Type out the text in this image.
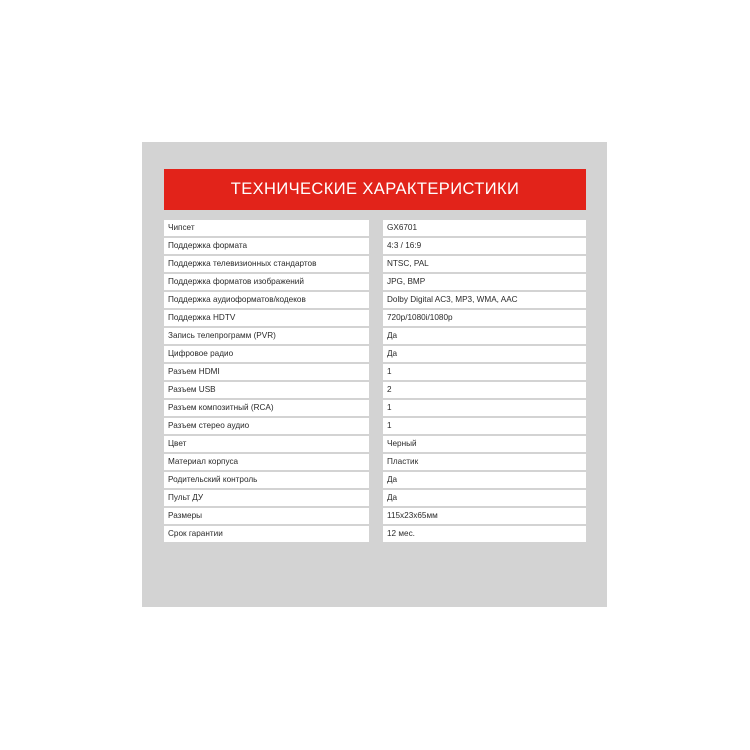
ТЕХНИЧЕСКИЕ ХАРАКТЕРИСТИКИ
Чипсет	GX6701
Поддержка формата	4:3 / 16:9
Поддержка телевизионных стандартов	NTSC, PAL
Поддержка форматов изображений	JPG, BMP
Поддержка аудиоформатов/кодеков	Dolby Digital AC3, MP3, WMA, AAC
Поддержка HDTV	720p/1080i/1080p
Запись телепрограмм (PVR)	Да
Цифровое радио	Да
Разъем HDMI	1
Разъем USB	2
Разъем композитный (RCA)	1
Разъем стерео аудио	1
Цвет	Черный
Материал корпуса	Пластик
Родительский контроль	Да
Пульт ДУ	Да
Размеры	115x23x65мм
Срок гарантии	12 мес.
